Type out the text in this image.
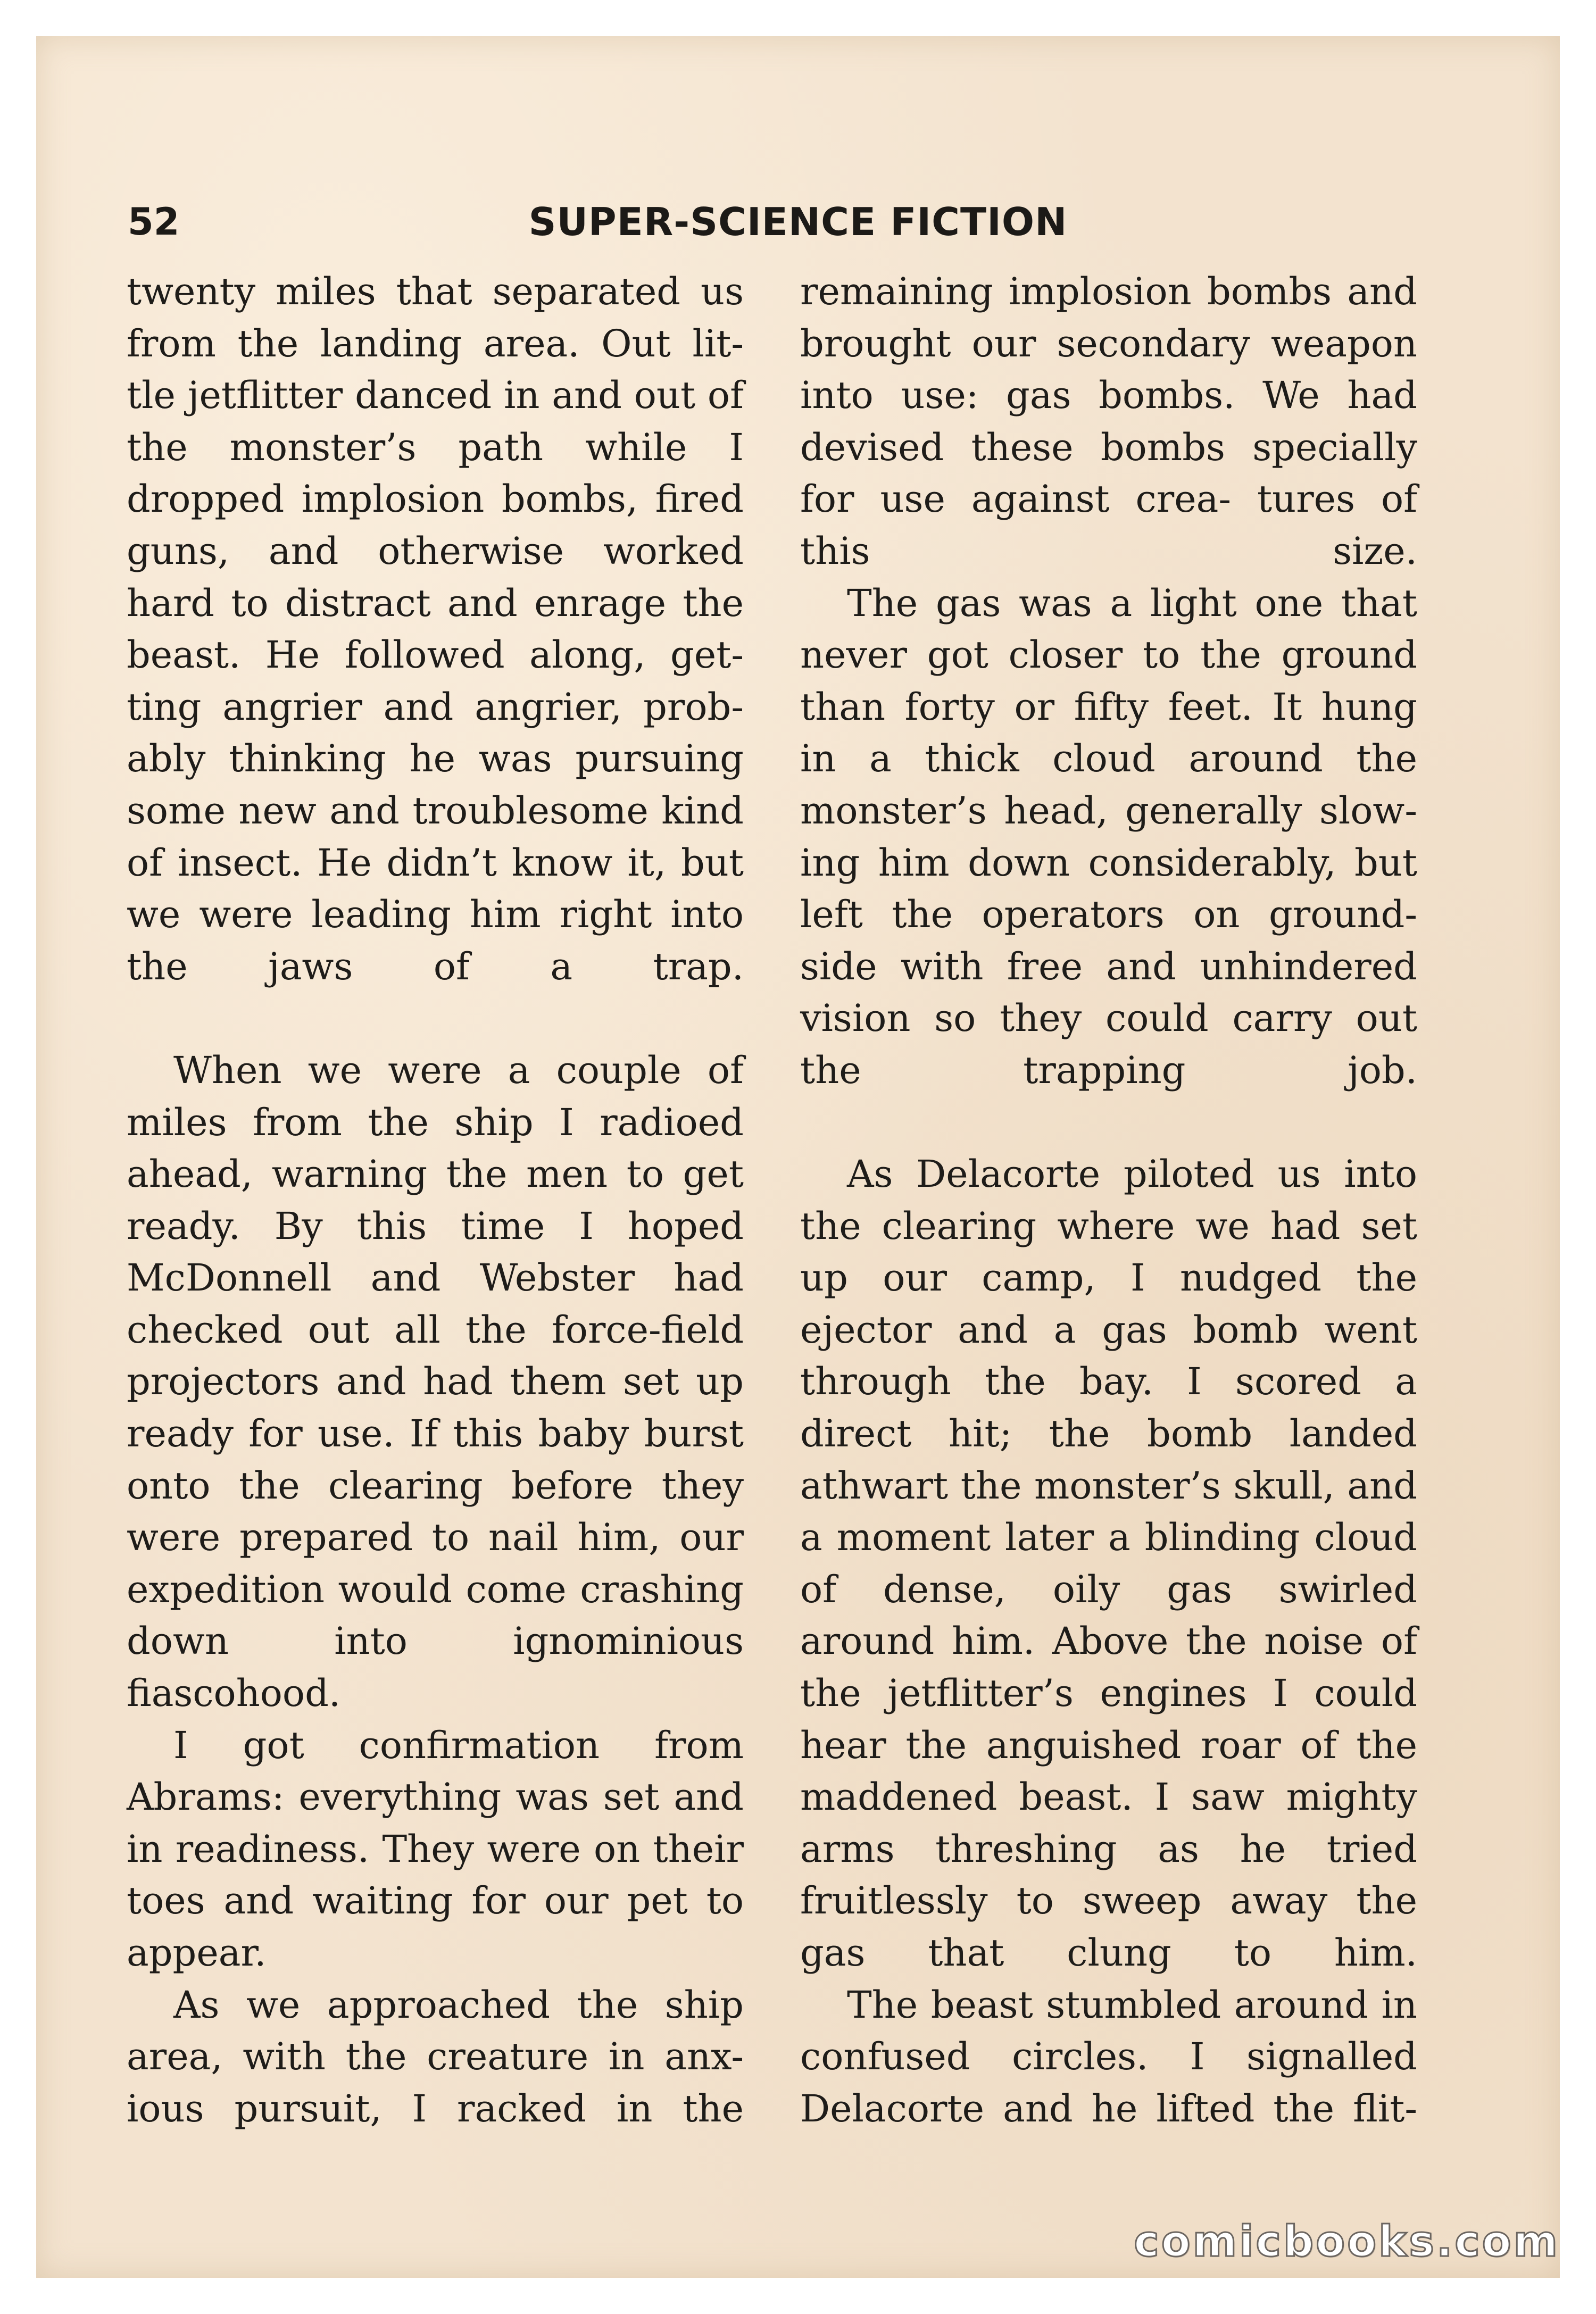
52	SUPER-SCIENCE FICTION

twenty miles that separated us from the landing area. Out lit- tle jetflitter danced in and out of the monster’s path while I dropped implosion bombs, fired guns, and otherwise worked hard to distract and enrage the beast. He followed along, get- ting angrier and angrier, prob- ably thinking he was pursuing some new and troublesome kind of insect. He didn’t know it, but we were leading him right into the jaws of a trap.

When we were a couple of miles from the ship I radioed ahead, warning the men to get ready. By this time I hoped McDonnell and Webster had checked out all the force-field projectors and had them set up ready for use. If this baby burst onto the clearing before they were prepared to nail him, our expedition would come crashing down into ignominious fiascohood.

I got confirmation from Abrams: everything was set and in readiness. They were on their toes and waiting for our pet to appear.

As we approached the ship area, with the creature in anx- ious pursuit, I racked in the

remaining implosion bombs and brought our secondary weapon into use: gas bombs. We had devised these bombs specially for use against crea- tures of this size.

The gas was a light one that never got closer to the ground than forty or fifty feet. It hung in a thick cloud around the monster’s head, generally slow- ing him down considerably, but left the operators on ground- side with free and unhindered vision so they could carry out the trapping job.

As Delacorte piloted us into the clearing where we had set up our camp, I nudged the ejector and a gas bomb went through the bay. I scored a direct hit; the bomb landed athwart the monster’s skull, and a moment later a blinding cloud of dense, oily gas swirled around him. Above the noise of the jetflitter’s engines I could hear the anguished roar of the maddened beast. I saw mighty arms threshing as he tried fruitlessly to sweep away the gas that clung to him.

The beast stumbled around in confused circles. I signalled Delacorte and he lifted the flit-

comicbooks.com
